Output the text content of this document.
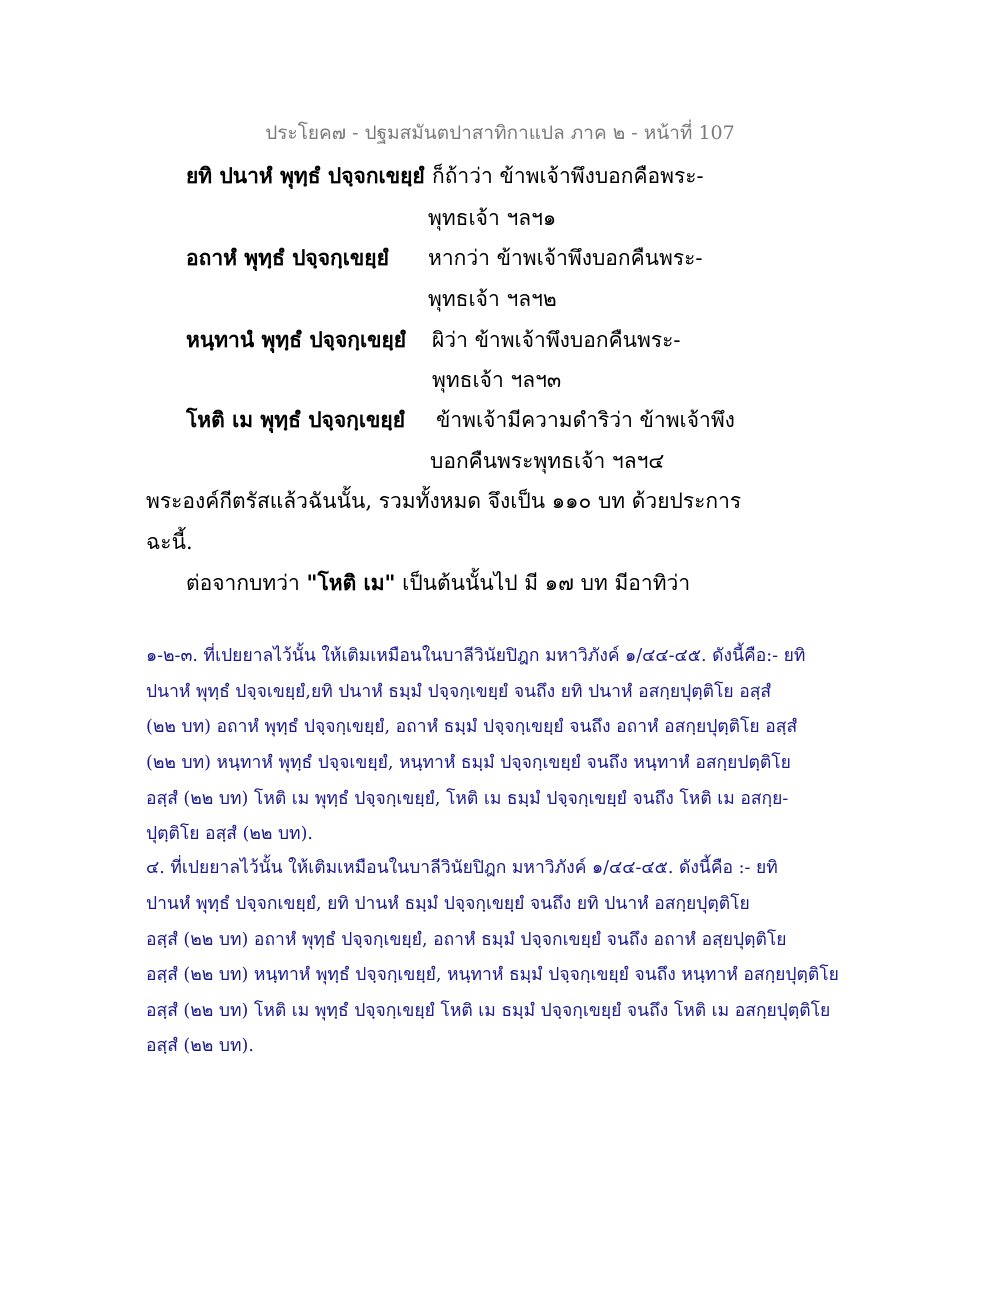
ประโยค๗ - ปฐมสมันตปาสาทิกาแปล ภาค ๒ - หน้าที่ 107
ยทิ ปนาหํ พุทฺธํ ปจฺจกเขยฺยํ ก็ถ้าว่า ข้าพเจ้าพึงบอกคือพระ-
พุทธเจ้า ฯลฯ๑
อถาหํ พุทฺธํ ปจฺจกฺเขยฺยํ หากว่า ข้าพเจ้าพึงบอกคืนพระ-
พุทธเจ้า ฯลฯ๒
หนฺทานํ พุทฺธํ ปจฺจกฺเขยฺยํ ผิว่า ข้าพเจ้าพึงบอกคืนพระ-
พุทธเจ้า ฯลฯ๓
โหติ เม พุทฺธํ ปจฺจกฺเขยฺยํ ข้าพเจ้ามีความดำริว่า ข้าพเจ้าพึง
บอกคืนพระพุทธเจ้า ฯลฯ๔
พระองค์กีตรัสแล้วฉันนั้น, รวมทั้งหมด จึงเป็น ๑๑๐ บท ด้วยประการ
ฉะนี้.
ต่อจากบทว่า "โหติ เม" เป็นต้นนั้นไป มี ๑๗ บท มีอาทิว่า
๑-๒-๓. ที่เปยยาลไว้นั้น ให้เติมเหมือนในบาลีวินัยปิฎก มหาวิภังค์ ๑/๔๔-๔๕. ดังนี้คือ:- ยทิ
ปนาหํ พุทฺธํ ปจฺจเขยฺยํ,ยทิ ปนาหํ ธมฺมํ ปจฺจกฺเขยฺยํ จนถึง ยทิ ปนาหํ อสกฺยปุตฺติโย อสฺสํ
(๒๒ บท) อถาหํ พุทฺธํ ปจฺจกฺเขยฺยํ, อถาหํ ธมฺมํ ปจฺจกฺเขยฺยํ จนถึง อถาหํ อสกฺยปุตฺติโย อสฺสํ
(๒๒ บท) หนฺทาหํ พุทฺธํ ปจฺจเขยฺยํ, หนฺทาหํ ธมฺมํ ปจฺจกฺเขยฺยํ จนถึง หนฺทาหํ อสกฺยปตฺติโย
อสฺสํ (๒๒ บท) โหติ เม พุทฺธํ ปจฺจกฺเขยฺยํ, โหติ เม ธมฺมํ ปจฺจกฺเขยฺยํ จนถึง โหติ เม อสกฺย-
ปุตฺติโย อสฺสํ (๒๒ บท).
๔. ที่เปยยาลไว้นั้น ให้เติมเหมือนในบาลีวินัยปิฎก มหาวิภังค์ ๑/๔๔-๔๕. ดังนี้คือ :- ยทิ
ปานหํ พุทฺธํ ปจฺจกเขยฺยํ, ยทิ ปานหํ ธมฺมํ ปจฺจกฺเขยฺยํ จนถึง ยทิ ปนาหํ อสกฺยปุตฺติโย
อสฺสํ (๒๒ บท) อถาหํ พุทฺธํ ปจฺจกฺเขยฺยํ, อถาหํ ธมฺมํ ปจฺจกเขยฺยํ จนถึง อถาหํ อสฺยปุตฺติโย
อสฺสํ (๒๒ บท) หนฺทาหํ พุทฺธํ ปจฺจกฺเขยฺยํ, หนฺทาหํ ธมฺมํ ปจฺจกฺเขยฺยํ จนถึง หนฺทาหํ อสกฺยปุตฺติโย
อสฺสํ (๒๒ บท) โหติ เม พุทฺธํ ปจฺจกฺเขยฺยํ โหติ เม ธมฺมํ ปจฺจกฺเขยฺยํ จนถึง โหติ เม อสกฺยปุตฺติโย
อสฺสํ (๒๒ บท).
